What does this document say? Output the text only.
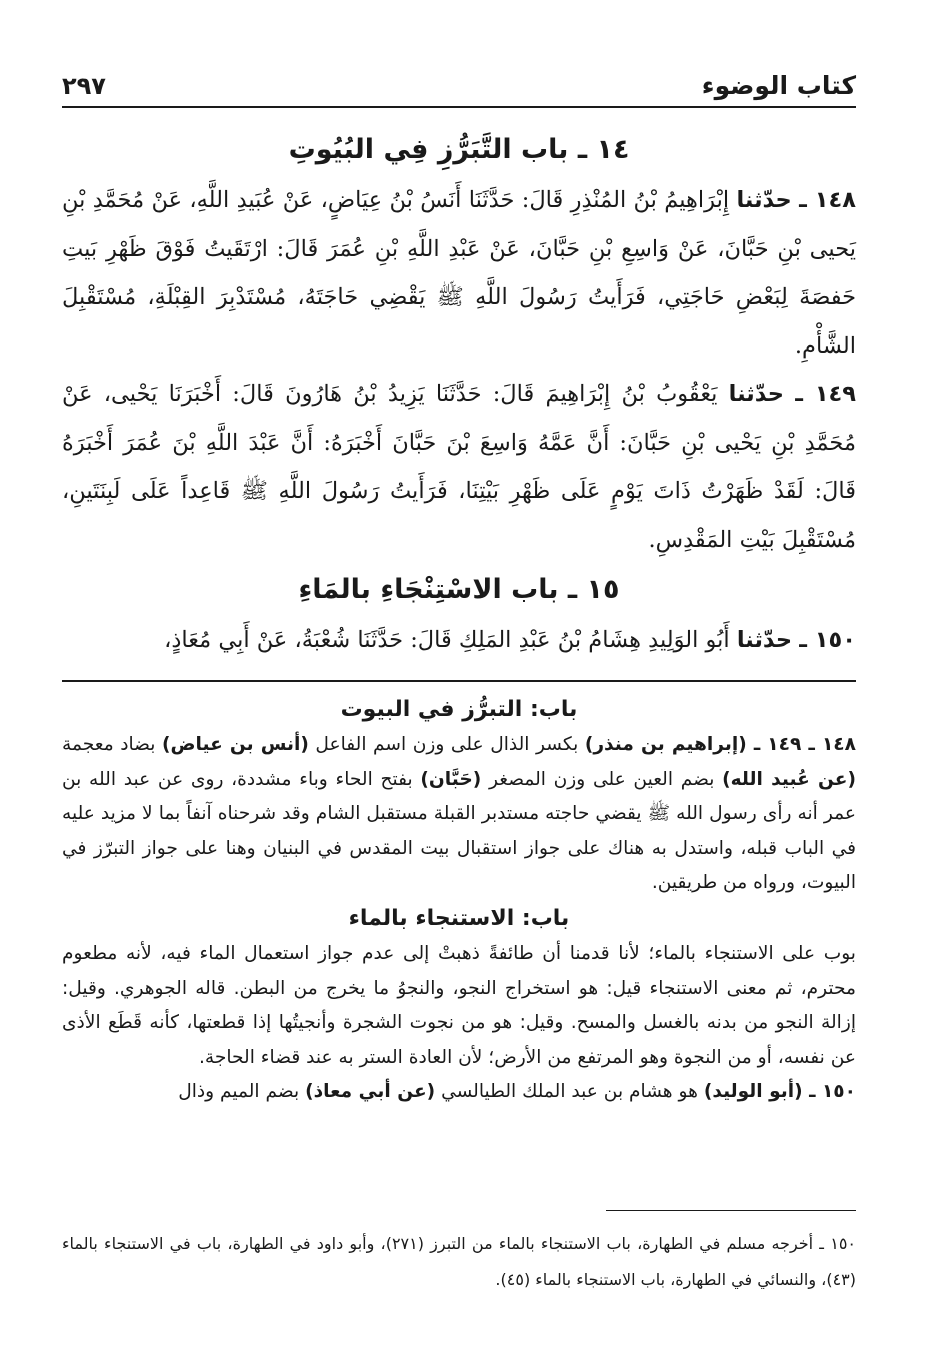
كتاب الوضوء
٢٩٧
١٤ ـ باب التَّبَرُّزِ فِي البُيُوتِ

١٤٨ ـ حدّثنا إِبْرَاهِيمُ بْنُ المُنْذِرِ قَالَ: حَدَّثَنَا أَنَسُ بْنُ عِيَاضٍ، عَنْ عُبَيدِ اللَّهِ، عَنْ مُحَمَّدِ بْنِ يَحيى بْنِ حَبَّانَ، عَنْ وَاسِعِ بْنِ حَبَّانَ، عَنْ عَبْدِ اللَّهِ بْنِ عُمَرَ قَالَ: ارْتَقَيتُ فَوْقَ ظَهْرِ بَيتِ حَفصَةَ لِبَعْضِ حَاجَتِي، فَرَأَيتُ رَسُولَ اللَّهِ ﷺ يَقْضِي حَاجَتَهُ، مُسْتَدْبِرَ القِبْلَةِ، مُسْتَقْبِلَ الشَّأْمِ.

١٤٩ ـ حدّثنا يَعْقُوبُ بْنُ إِبْرَاهِيمَ قَالَ: حَدَّثَنَا يَزِيدُ بْنُ هَارُونَ قَالَ: أَخْبَرَنَا يَحْيى، عَنْ مُحَمَّدِ بْنِ يَحْيى بْنِ حَبَّانَ: أَنَّ عَمَّهُ وَاسِعَ بْنَ حَبَّانَ أَخْبَرَهُ: أَنَّ عَبْدَ اللَّهِ بْنَ عُمَرَ أَخْبَرَهُ قَالَ: لَقَدْ ظَهَرْتُ ذَاتَ يَوْمٍ عَلَى ظَهْرِ بَيْتِنَا، فَرَأَيتُ رَسُولَ اللَّهِ ﷺ قَاعِداً عَلَى لَبِنَتَينِ، مُسْتَقْبِلَ بَيْتِ المَقْدِسِ.

١٥ ـ باب الاسْتِنْجَاءِ بالمَاءِ

١٥٠ ـ حدّثنا أَبُو الوَلِيدِ هِشَامُ بْنُ عَبْدِ المَلِكِ قَالَ: حَدَّثَنَا شُعْبَةُ، عَنْ أَبِي مُعَاذٍ،

باب: التبرُّز في البيوت

١٤٨ ـ ١٤٩ ـ (إبراهيم بن منذر) بكسر الذال على وزن اسم الفاعل (أنس بن عياض) بضاد معجمة (عن عُبيد الله) بضم العين على وزن المصغر (حَبَّان) بفتح الحاء وباء مشددة، روى عن عبد الله بن عمر أنه رأى رسول الله ﷺ يقضي حاجته مستدبر القبلة مستقبل الشام وقد شرحناه آنفاً بما لا مزيد عليه في الباب قبله، واستدل به هناك على جواز استقبال بيت المقدس في البنيان وهنا على جواز التبرّز في البيوت، ورواه من طريقين.

باب: الاستنجاء بالماء

بوب على الاستنجاء بالماء؛ لأنا قدمنا أن طائفةً ذهبتْ إلى عدم جواز استعمال الماء فيه، لأنه مطعوم محترم، ثم معنى الاستنجاء قيل: هو استخراج النجو، والنجوُ ما يخرج من البطن. قاله الجوهري. وقيل: إزالة النجو من بدنه بالغسل والمسح. وقيل: هو من نجوت الشجرة وأنجيتُها إذا قطعتها، كأنه قَطَع الأذى عن نفسه، أو من النجوة وهو المرتفع من الأرض؛ لأن العادة الستر به عند قضاء الحاجة.

١٥٠ ـ (أبو الوليد) هو هشام بن عبد الملك الطيالسي (عن أبي معاذ) بضم الميم وذال

١٥٠ ـ أخرجه مسلم في الطهارة، باب الاستنجاء بالماء من التبرز (٢٧١)، وأبو داود في الطهارة، باب في الاستنجاء بالماء (٤٣)، والنسائي في الطهارة، باب الاستنجاء بالماء (٤٥).
